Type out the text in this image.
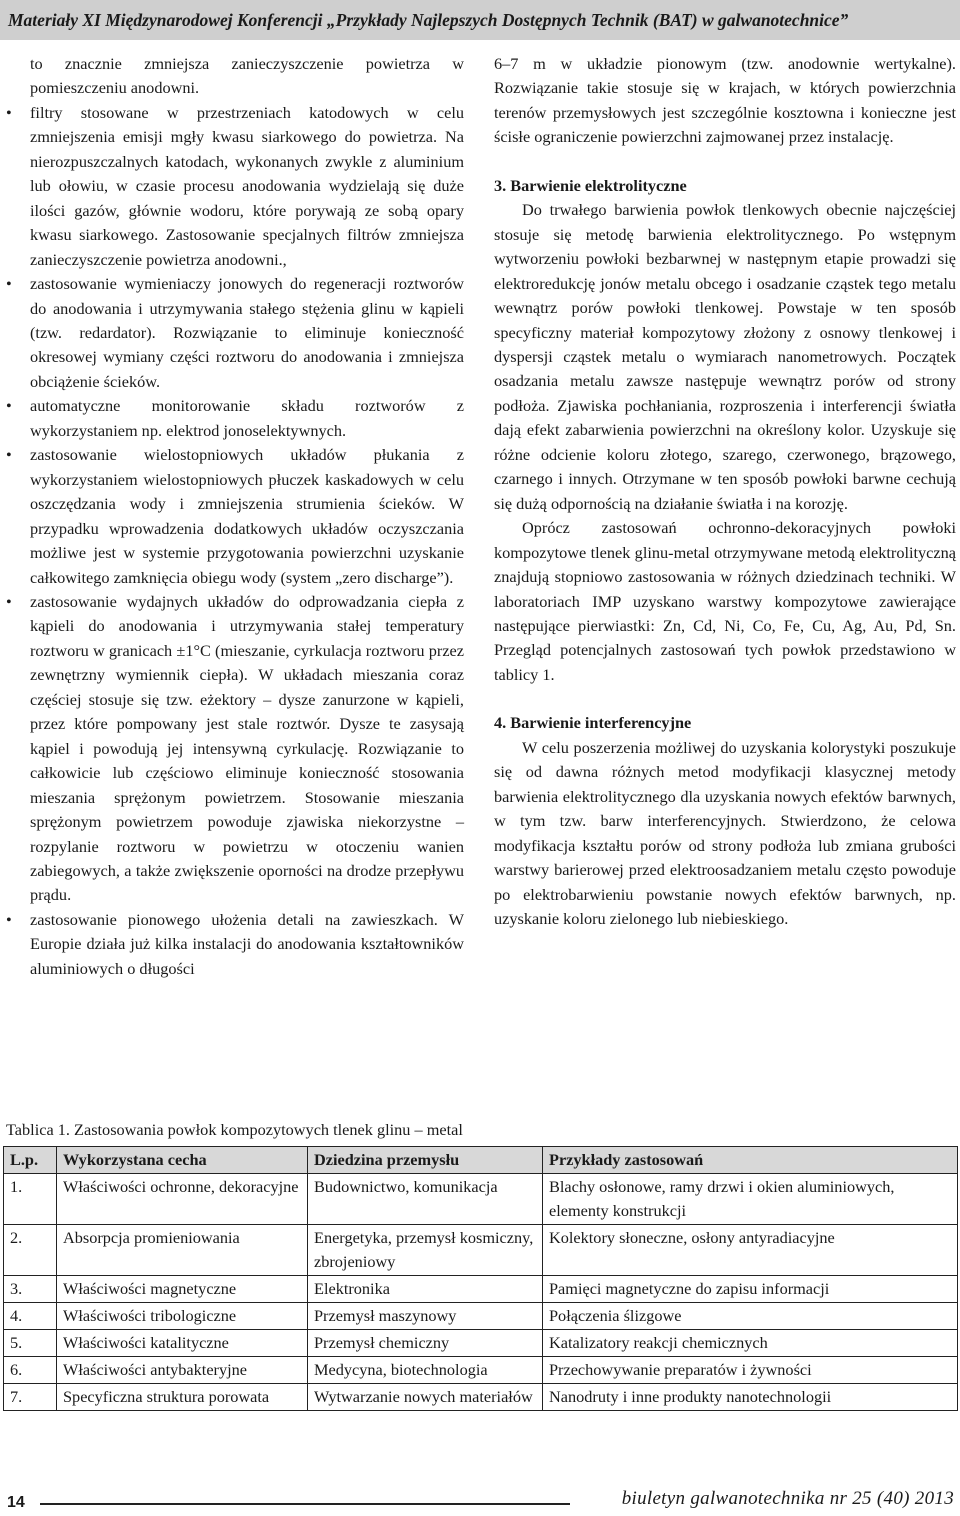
Materiały XI Międzynarodowej Konferencji „Przykłady Najlepszych Dostępnych Technik (BAT) w galwanotechnice”

to znacznie zmniejsza zanieczyszczenie powietrza w pomieszczeniu anodowni.

• filtry stosowane w przestrzeniach katodowych w celu zmniejszenia emisji mgły kwasu siarkowego do powietrza. Na nierozpuszczalnych katodach, wykonanych zwykle z aluminium lub ołowiu, w czasie procesu anodowania wydzielają się duże ilości gazów, głównie wodoru, które porywają ze sobą opary kwasu siarkowego. Zastosowanie specjalnych filtrów zmniejsza zanieczyszczenie powietrza anodowni.,
• zastosowanie wymieniaczy jonowych do regeneracji roztworów do anodowania i utrzymywania stałego stężenia glinu w kąpieli (tzw. redardator). Rozwiązanie to eliminuje konieczność okresowej wymiany części roztworu do anodowania i zmniejsza obciążenie ścieków.
• automatyczne monitorowanie składu roztworów z wykorzystaniem np. elektrod jonoselektywnych.
• zastosowanie wielostopniowych układów płukania z wykorzystaniem wielostopniowych płuczek kaskadowych w celu oszczędzania wody i zmniejszenia strumienia ścieków. W przypadku wprowadzenia dodatkowych układów oczyszczania możliwe jest w systemie przygotowania powierzchni uzyskanie całkowitego zamknięcia obiegu wody (system „zero discharge”).
• zastosowanie wydajnych układów do odprowadzania ciepła z kąpieli do anodowania i utrzymywania stałej temperatury roztworu w granicach ±1°C (mieszanie, cyrkulacja roztworu przez zewnętrzny wymiennik ciepła). W układach mieszania coraz częściej stosuje się tzw. eżektory – dysze zanurzone w kąpieli, przez które pompowany jest stale roztwór. Dysze te zasysają kąpiel i powodują jej intensywną cyrkulację. Rozwiązanie to całkowicie lub częściowo eliminuje konieczność stosowania mieszania sprężonym powietrzem. Stosowanie mieszania sprężonym powietrzem powoduje zjawiska niekorzystne – rozpylanie roztworu w powietrzu w otoczeniu wanien zabiegowych, a także zwiększenie oporności na drodze przepływu prądu.
• zastosowanie pionowego ułożenia detali na zawieszkach. W Europie działa już kilka instalacji do anodowania kształtowników aluminiowych o długości

6–7 m w układzie pionowym (tzw. anodownie wertykalne). Rozwiązanie takie stosuje się w krajach, w których powierzchnia terenów przemysłowych jest szczególnie kosztowna i konieczne jest ścisłe ograniczenie powierzchni zajmowanej przez instalację.

3. Barwienie elektrolityczne

Do trwałego barwienia powłok tlenkowych obecnie najczęściej stosuje się metodę barwienia elektrolitycznego. Po wstępnym wytworzeniu powłoki bezbarwnej w następnym etapie prowadzi się elektroredukcję jonów metalu obcego i osadzanie cząstek tego metalu wewnątrz porów powłoki tlenkowej. Powstaje w ten sposób specyficzny materiał kompozytowy złożony z osnowy tlenkowej i dyspersji cząstek metalu o wymiarach nanometrowych. Początek osadzania metalu zawsze następuje wewnątrz porów od strony podłoża. Zjawiska pochłaniania, rozproszenia i interferencji światła dają efekt zabarwienia powierzchni na określony kolor. Uzyskuje się różne odcienie koloru złotego, szarego, czerwonego, brązowego, czarnego i innych. Otrzymane w ten sposób powłoki barwne cechują się dużą odpornością na działanie światła i na korozję.

Oprócz zastosowań ochronno-dekoracyjnych powłoki kompozytowe tlenek glinu-metal otrzymywane metodą elektrolityczną znajdują stopniowo zastosowania w różnych dziedzinach techniki. W laboratoriach IMP uzyskano warstwy kompozytowe zawierające następujące pierwiastki: Zn, Cd, Ni, Co, Fe, Cu, Ag, Au, Pd, Sn. Przegląd potencjalnych zastosowań tych powłok przedstawiono w tablicy 1.

4. Barwienie interferencyjne

W celu poszerzenia możliwej do uzyskania kolorystyki poszukuje się od dawna różnych metod modyfikacji klasycznej metody barwienia elektrolitycznego dla uzyskania nowych efektów barwnych, w tym tzw. barw interferencyjnych. Stwierdzono, że celowa modyfikacja kształtu porów od strony podłoża lub zmiana grubości warstwy barierowej przed elektroosadzaniem metalu często powoduje po elektrobarwieniu powstanie nowych efektów barwnych, np. uzyskanie koloru zielonego lub niebieskiego.

Tablica 1. Zastosowania powłok kompozytowych tlenek glinu – metal
L.p.	Wykorzystana cecha	Dziedzina przemysłu	Przykłady zastosowań
1.	Właściwości ochronne, dekoracyjne	Budownictwo, komunikacja	Blachy osłonowe, ramy drzwi i okien aluminiowych, elementy konstrukcji
2.	Absorpcja promieniowania	Energetyka, przemysł kosmiczny, zbrojeniowy	Kolektory słoneczne, osłony antyradiacyjne
3.	Właściwości magnetyczne	Elektronika	Pamięci magnetyczne do zapisu informacji
4.	Właściwości tribologiczne	Przemysł maszynowy	Połączenia ślizgowe
5.	Właściwości katalityczne	Przemysł chemiczny	Katalizatory reakcji chemicznych
6.	Właściwości antybakteryjne	Medycyna, biotechnologia	Przechowywanie preparatów i żywności
7.	Specyficzna struktura porowata	Wytwarzanie nowych materiałów	Nanodruty i inne produkty nanotechnologii
14	biuletyn galwanotechnika nr 25 (40) 2013
